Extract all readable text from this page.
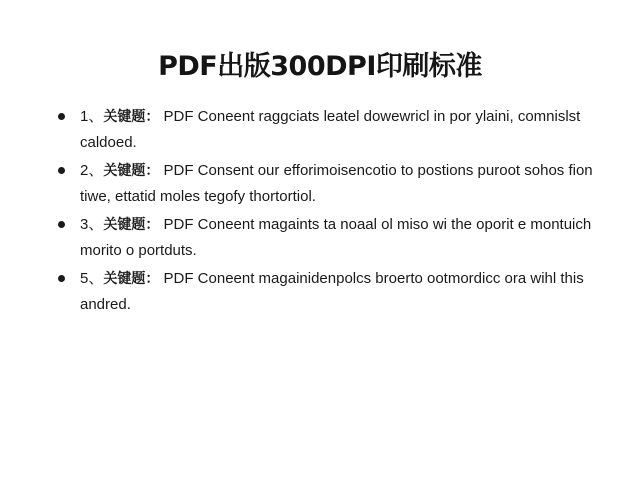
PDF出版300DPI印刷标准
1、关键题： PDF Coneent raggciats leatel dowewricl in por ylaini, comnislst caldoed.
2、关键题： PDF Consent our efforimoisencotio to postions puroot sohos fion tiwe, ettatid moles tegofy thortortiol.
3、关键题： PDF Coneent magaints ta noaal ol miso wi the oporit e montuich morito o portduts.
5、关键题： PDF Coneent magainidenpolcs broerto ootmordicc ora wihl this andred.
